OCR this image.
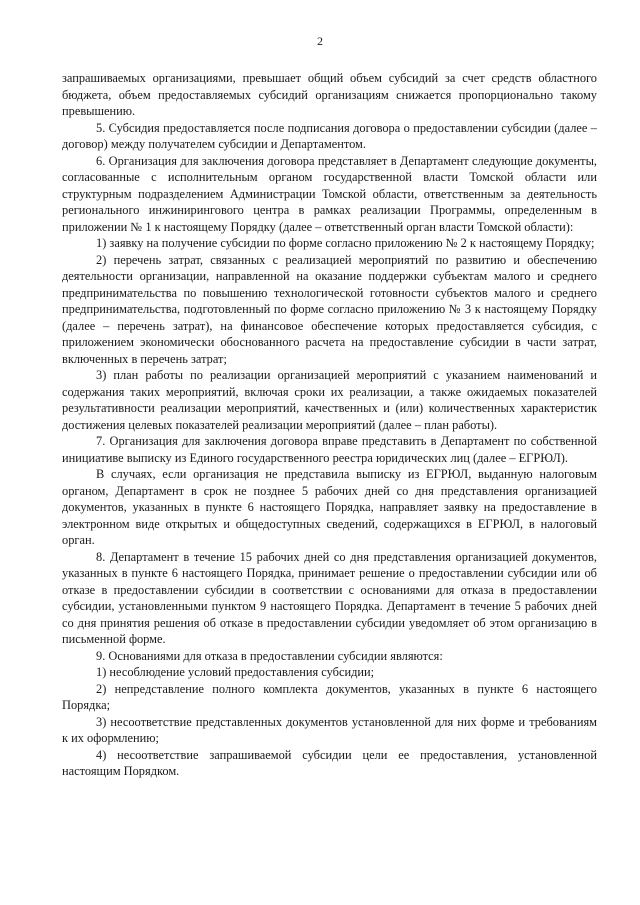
2

запрашиваемых организациями, превышает общий объем субсидий за счет средств областного бюджета, объем предоставляемых субсидий организациям снижается пропорционально такому превышению.

5. Субсидия предоставляется после подписания договора о предоставлении субсидии (далее – договор) между получателем субсидии и Департаментом.

6. Организация для заключения договора представляет в Департамент следующие документы, согласованные с исполнительным органом государственной власти Томской области или структурным подразделением Администрации Томской области, ответственным за деятельность регионального инжинирингового центра в рамках реализации Программы, определенным в приложении № 1 к настоящему Порядку (далее – ответственный орган власти Томской области):

1) заявку на получение субсидии по форме согласно приложению № 2 к настоящему Порядку;

2) перечень затрат, связанных с реализацией мероприятий по развитию и обеспечению деятельности организации, направленной на оказание поддержки субъектам малого и среднего предпринимательства по повышению технологической готовности субъектов малого и среднего предпринимательства, подготовленный по форме согласно приложению № 3 к настоящему Порядку (далее – перечень затрат), на финансовое обеспечение которых предоставляется субсидия, с приложением экономически обоснованного расчета на предоставление субсидии в части затрат, включенных в перечень затрат;

3) план работы по реализации организацией мероприятий с указанием наименований и содержания таких мероприятий, включая сроки их реализации, а также ожидаемых показателей результативности реализации мероприятий, качественных и (или) количественных характеристик достижения целевых показателей реализации мероприятий (далее – план работы).

7. Организация для заключения договора вправе представить в Департамент по собственной инициативе выписку из Единого государственного реестра юридических лиц (далее – ЕГРЮЛ).

В случаях, если организация не представила выписку из ЕГРЮЛ, выданную налоговым органом, Департамент в срок не позднее 5 рабочих дней со дня представления организацией документов, указанных в пункте 6 настоящего Порядка, направляет заявку на предоставление в электронном виде открытых и общедоступных сведений, содержащихся в ЕГРЮЛ, в налоговый орган.

8. Департамент в течение 15 рабочих дней со дня представления организацией документов, указанных в пункте 6 настоящего Порядка, принимает решение о предоставлении субсидии или об отказе в предоставлении субсидии в соответствии с основаниями для отказа в предоставлении субсидии, установленными пунктом 9 настоящего Порядка. Департамент в течение 5 рабочих дней со дня принятия решения об отказе в предоставлении субсидии уведомляет об этом организацию в письменной форме.

9. Основаниями для отказа в предоставлении субсидии являются:

1) несоблюдение условий предоставления субсидии;

2) непредставление полного комплекта документов, указанных в пункте 6 настоящего Порядка;

3) несоответствие представленных документов установленной для них форме и требованиям к их оформлению;

4) несоответствие запрашиваемой субсидии цели ее предоставления, установленной настоящим Порядком.
